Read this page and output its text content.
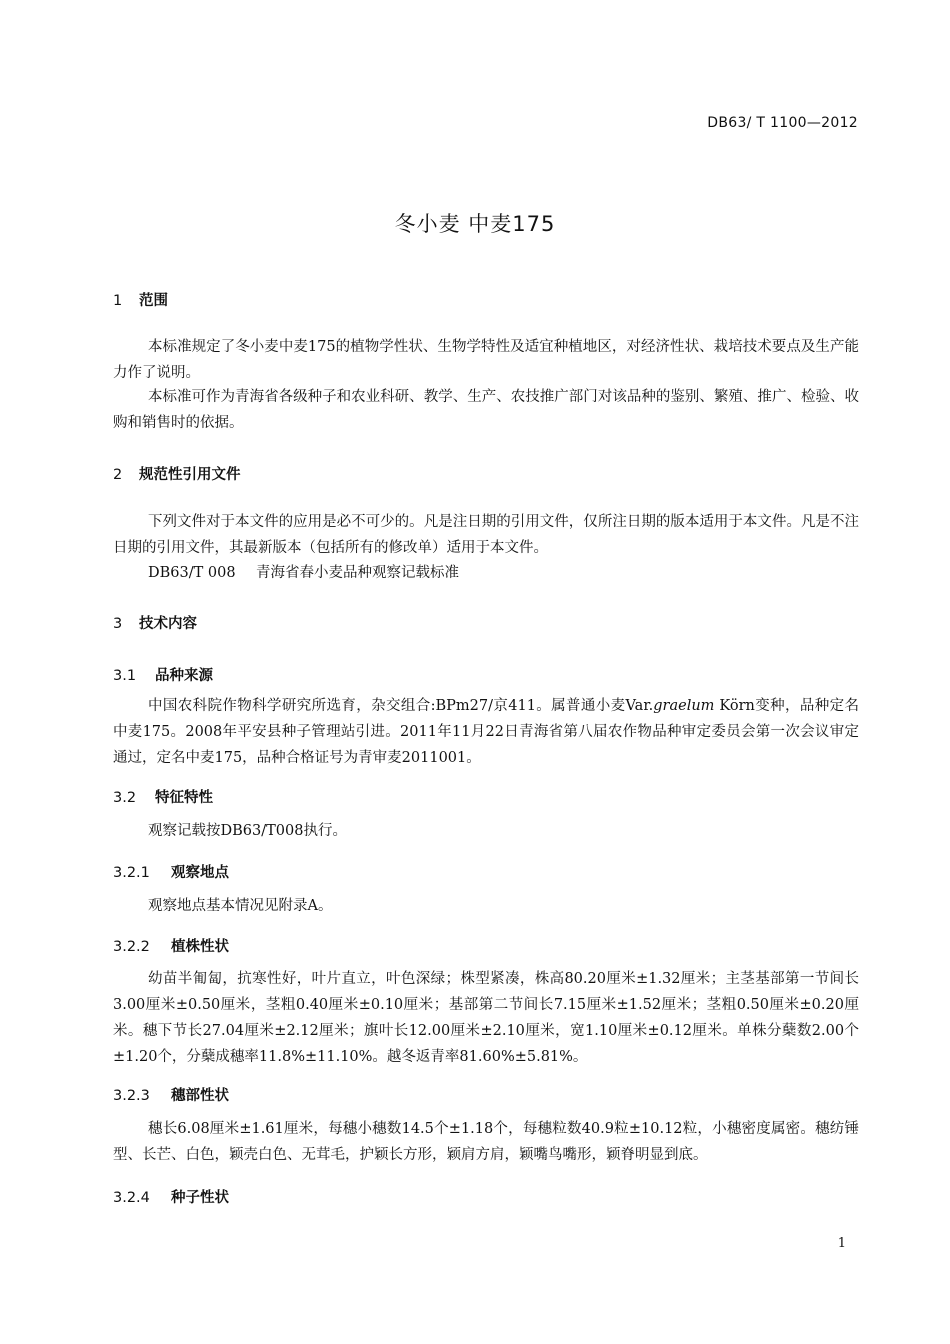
DB63/ T 1100—2012
冬小麦 中麦175
1 范围

本标准规定了冬小麦中麦175的植物学性状、生物学特性及适宜种植地区，对经济性状、栽培技术要点及生产能力作了说明。

本标准可作为青海省各级种子和农业科研、教学、生产、农技推广部门对该品种的鉴别、繁殖、推广、检验、收购和销售时的依据。

2 规范性引用文件

下列文件对于本文件的应用是必不可少的。凡是注日期的引用文件，仅所注日期的版本适用于本文件。凡是不注日期的引用文件，其最新版本（包括所有的修改单）适用于本文件。

DB63/T 008 青海省春小麦品种观察记载标准

3 技术内容
3.1 品种来源

中国农科院作物科学研究所选育，杂交组合:BPm27/京411。属普通小麦Var.graelum Körn变种，品种定名中麦175。2008年平安县种子管理站引进。2011年11月22日青海省第八届农作物品种审定委员会第一次会议审定通过，定名中麦175，品种合格证号为青审麦2011001。

3.2 特征特性

观察记载按DB63/T008执行。

3.2.1 观察地点

观察地点基本情况见附录A。

3.2.2 植株性状

幼苗半匍匐，抗寒性好，叶片直立，叶色深绿；株型紧凑，株高80.20厘米±1.32厘米；主茎基部第一节间长3.00厘米±0.50厘米，茎粗0.40厘米±0.10厘米；基部第二节间长7.15厘米±1.52厘米；茎粗0.50厘米±0.20厘米。穗下节长27.04厘米±2.12厘米；旗叶长12.00厘米±2.10厘米，宽1.10厘米±0.12厘米。单株分蘖数2.00个±1.20个，分蘖成穗率11.8%±11.10%。越冬返青率81.60%±5.81%。

3.2.3 穗部性状

穗长6.08厘米±1.61厘米，每穗小穗数14.5个±1.18个，每穗粒数40.9粒±10.12粒，小穗密度属密。穗纺锤型、长芒、白色，颖壳白色、无茸毛，护颖长方形，颖肩方肩，颖嘴鸟嘴形，颖脊明显到底。

3.2.4 种子性状
1
